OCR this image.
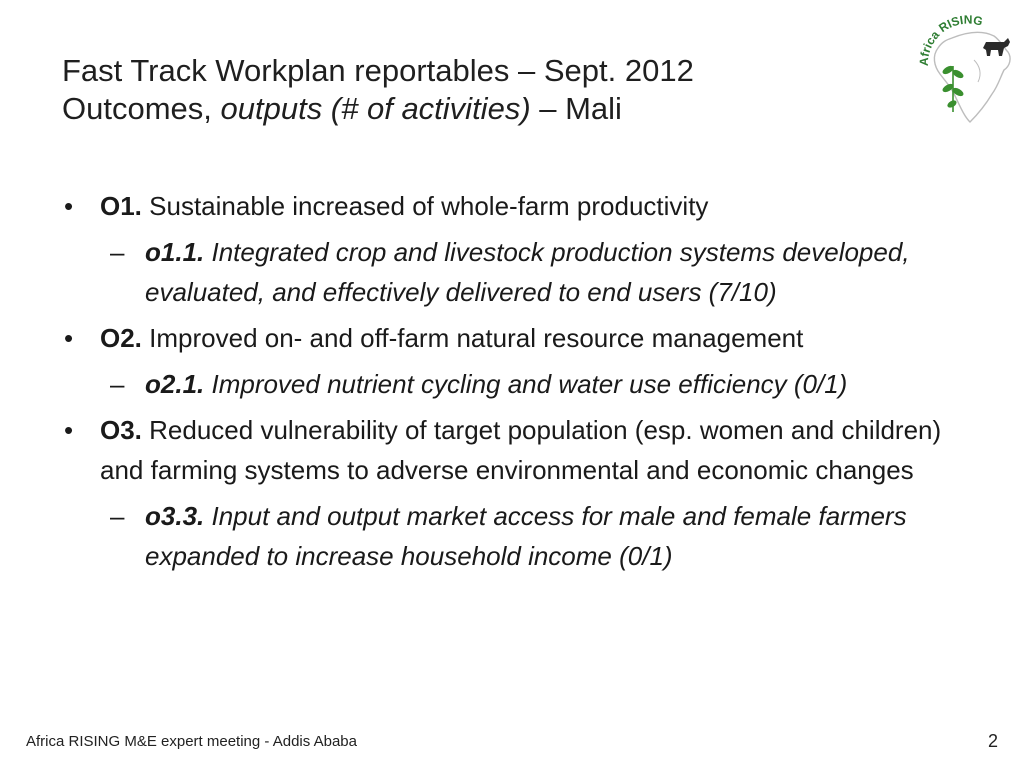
Fast Track Workplan reportables – Sept. 2012
Outcomes, outputs (# of activities) – Mali
Africa RISING
• O1. Sustainable increased of whole-farm productivity
– o1.1. Integrated crop and livestock production systems developed, evaluated, and effectively delivered to end users (7/10)
• O2. Improved on- and off-farm natural resource management
– o2.1. Improved nutrient cycling and water use efficiency (0/1)
• O3. Reduced vulnerability of target population (esp. women and children) and farming systems to adverse environmental and economic changes
– o3.3. Input and output market access for male and female farmers expanded to increase household income (0/1)
Africa RISING M&E expert meeting - Addis Ababa	2
